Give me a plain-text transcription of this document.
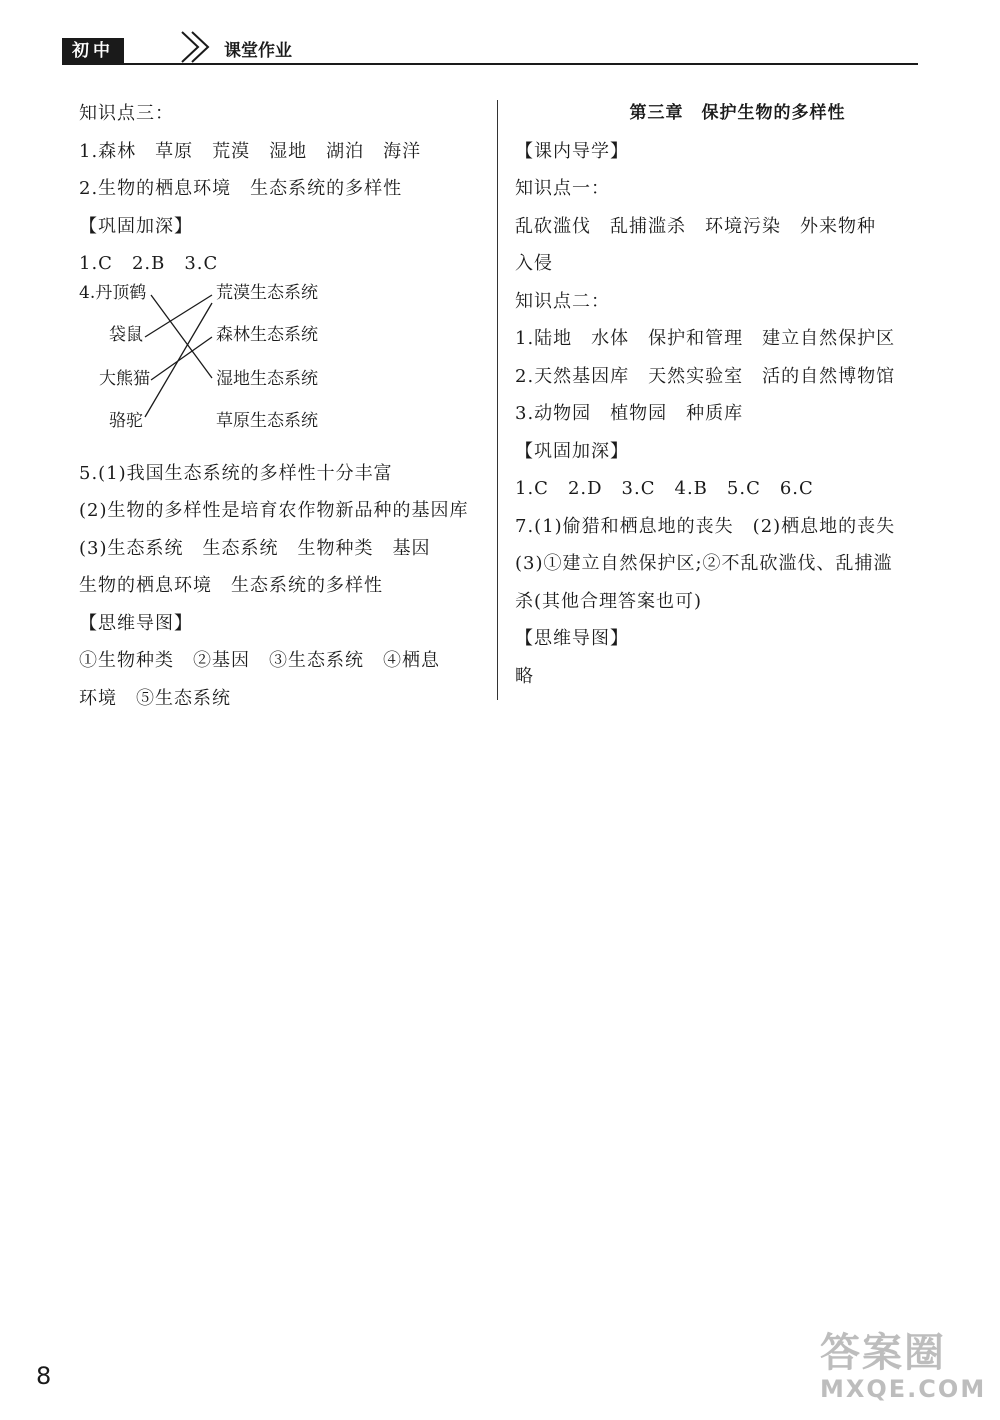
初中	课堂作业
知识点三：
1.森林　草原　荒漠　湿地　湖泊　海洋
2.生物的栖息环境　生态系统的多样性
【巩固加深】
1.C　2.B　3.C
4.丹顶鹤
袋鼠
大熊猫
骆驼
荒漠生态系统
森林生态系统
湿地生态系统
草原生态系统
5.(1)我国生态系统的多样性十分丰富
(2)生物的多样性是培育农作物新品种的基因库
(3)生态系统　生态系统　生物种类　基因
生物的栖息环境　生态系统的多样性
【思维导图】
①生物种类　②基因　③生态系统　④栖息
环境　⑤生态系统
第三章　保护生物的多样性
【课内导学】
知识点一：
乱砍滥伐　乱捕滥杀　环境污染　外来物种
入侵
知识点二：
1.陆地　水体　保护和管理　建立自然保护区
2.天然基因库　天然实验室　活的自然博物馆
3.动物园　植物园　种质库
【巩固加深】
1.C　2.D　3.C　4.B　5.C　6.C
7.(1)偷猎和栖息地的丧失　(2)栖息地的丧失
(3)①建立自然保护区;②不乱砍滥伐、乱捕滥
杀(其他合理答案也可)
【思维导图】
略
8	答案圈
MXQE.COM
